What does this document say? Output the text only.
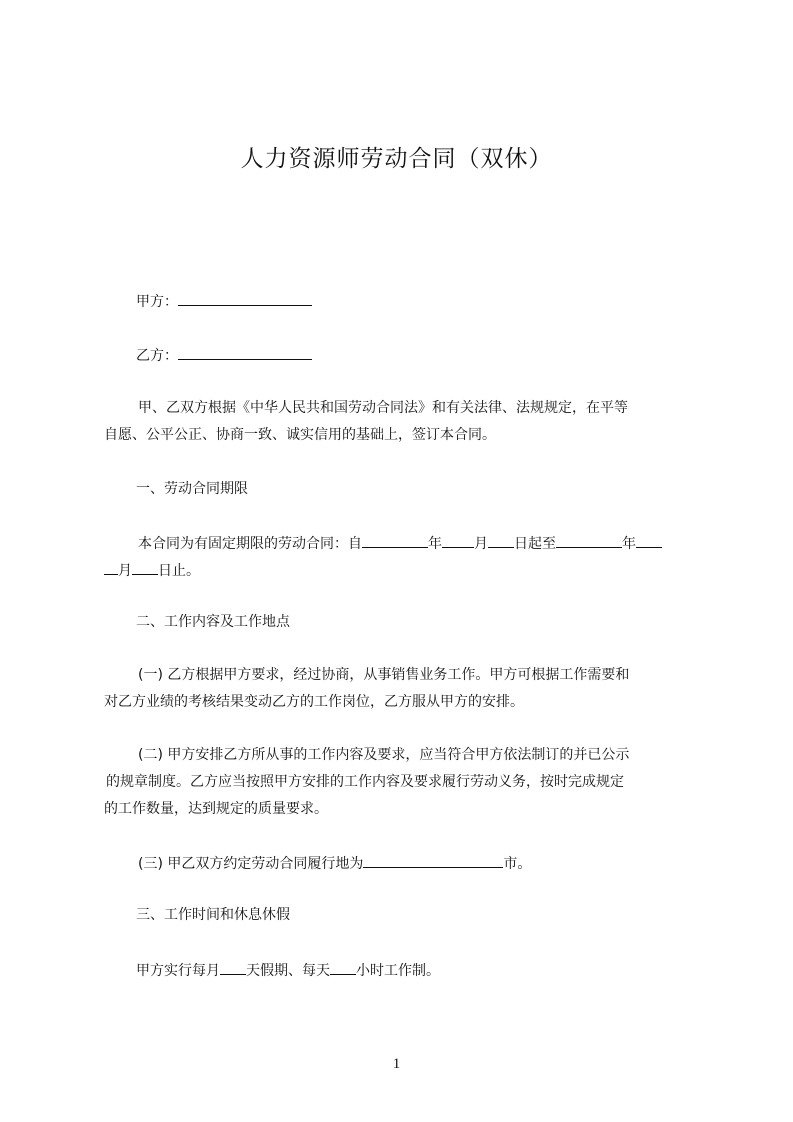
人力资源师劳动合同（双休）
甲方：
乙方：
甲、乙双方根据《中华人民共和国劳动合同法》和有关法律、法规规定，在平等
自愿、公平公正、协商一致、诚实信用的基础上，签订本合同。
一、劳动合同期限
本合同为有固定期限的劳动合同：自	年 月 日起至	年
月 日止。
二、工作内容及工作地点
(一) 乙方根据甲方要求，经过协商，从事销售业务工作。甲方可根据工作需要和
对乙方业绩的考核结果变动乙方的工作岗位，乙方服从甲方的安排。
(二) 甲方安排乙方所从事的工作内容及要求，应当符合甲方依法制订的并已公示
的规章制度。乙方应当按照甲方安排的工作内容及要求履行劳动义务，按时完成规定
的工作数量，达到规定的质量要求。
(三) 甲乙双方约定劳动合同履行地为	市。
三、工作时间和休息休假
甲方实行每月 天假期、每天 小时工作制。
1
